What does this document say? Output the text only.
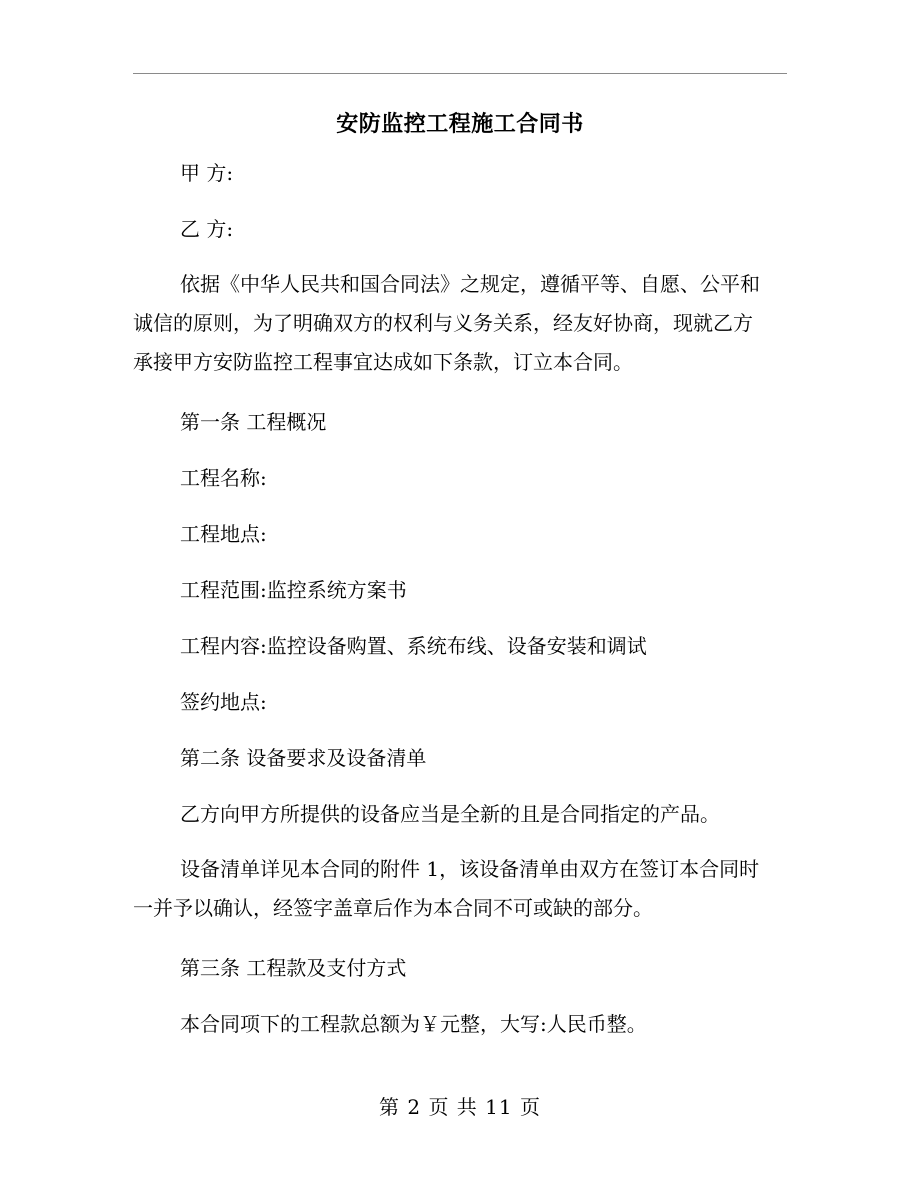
安防监控工程施工合同书
甲 方:
乙 方:
依据《中华人民共和国合同法》之规定，遵循平等、自愿、公平和
诚信的原则，为了明确双方的权利与义务关系，经友好协商，现就乙方
承接甲方安防监控工程事宜达成如下条款，订立本合同。
第一条 工程概况
工程名称:
工程地点:
工程范围:监控系统方案书
工程内容:监控设备购置、系统布线、设备安装和调试
签约地点:
第二条 设备要求及设备清单
乙方向甲方所提供的设备应当是全新的且是合同指定的产品。
设备清单详见本合同的附件 1，该设备清单由双方在签订本合同时
一并予以确认，经签字盖章后作为本合同不可或缺的部分。
第三条 工程款及支付方式
本合同项下的工程款总额为￥元整，大写:人民币整。
第 2 页 共 11 页
